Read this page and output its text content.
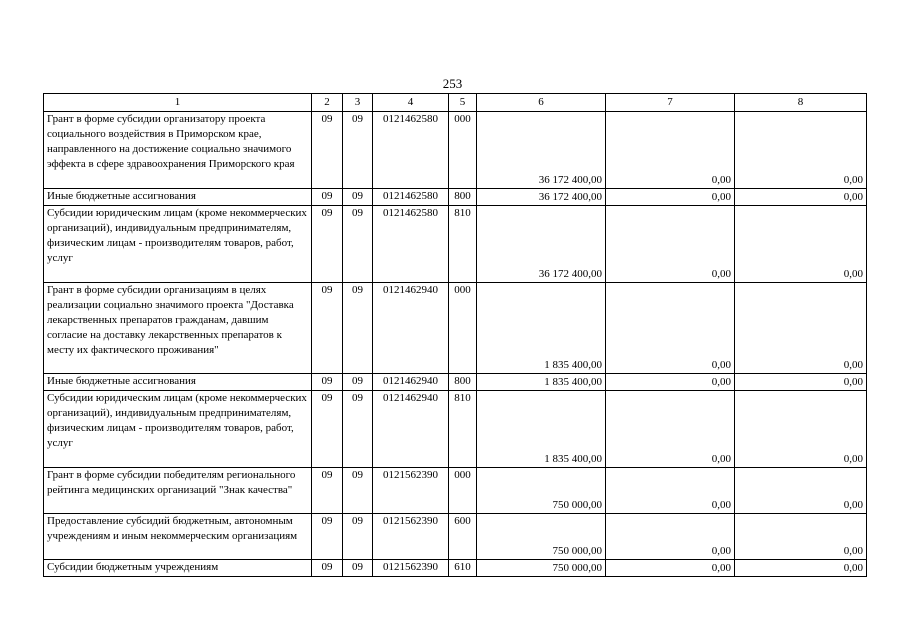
253
1	2	3	4	5	6	7	8
Грант в форме субсидии организатору проекта социального воздействия в Приморском крае, направленного на достижение социально значимого эффекта в сфере здравоохранения Приморского края	09	09	0121462580	000	36 172 400,00	0,00	0,00
Иные бюджетные ассигнования	09	09	0121462580	800	36 172 400,00	0,00	0,00
Субсидии юридическим лицам (кроме некоммерческих организаций), индивидуальным предпринимателям, физическим лицам - производителям товаров, работ, услуг	09	09	0121462580	810	36 172 400,00	0,00	0,00
Грант в форме субсидии организациям в целях реализации социально значимого проекта "Доставка лекарственных препаратов гражданам, давшим согласие на доставку лекарственных препаратов к месту их фактического проживания"	09	09	0121462940	000	1 835 400,00	0,00	0,00
Иные бюджетные ассигнования	09	09	0121462940	800	1 835 400,00	0,00	0,00
Субсидии юридическим лицам (кроме некоммерческих организаций), индивидуальным предпринимателям, физическим лицам - производителям товаров, работ, услуг	09	09	0121462940	810	1 835 400,00	0,00	0,00
Грант в форме субсидии победителям регионального рейтинга медицинских организаций "Знак качества"	09	09	0121562390	000	750 000,00	0,00	0,00
Предоставление субсидий бюджетным, автономным учреждениям и иным некоммерческим организациям	09	09	0121562390	600	750 000,00	0,00	0,00
Субсидии бюджетным учреждениям	09	09	0121562390	610	750 000,00	0,00	0,00
